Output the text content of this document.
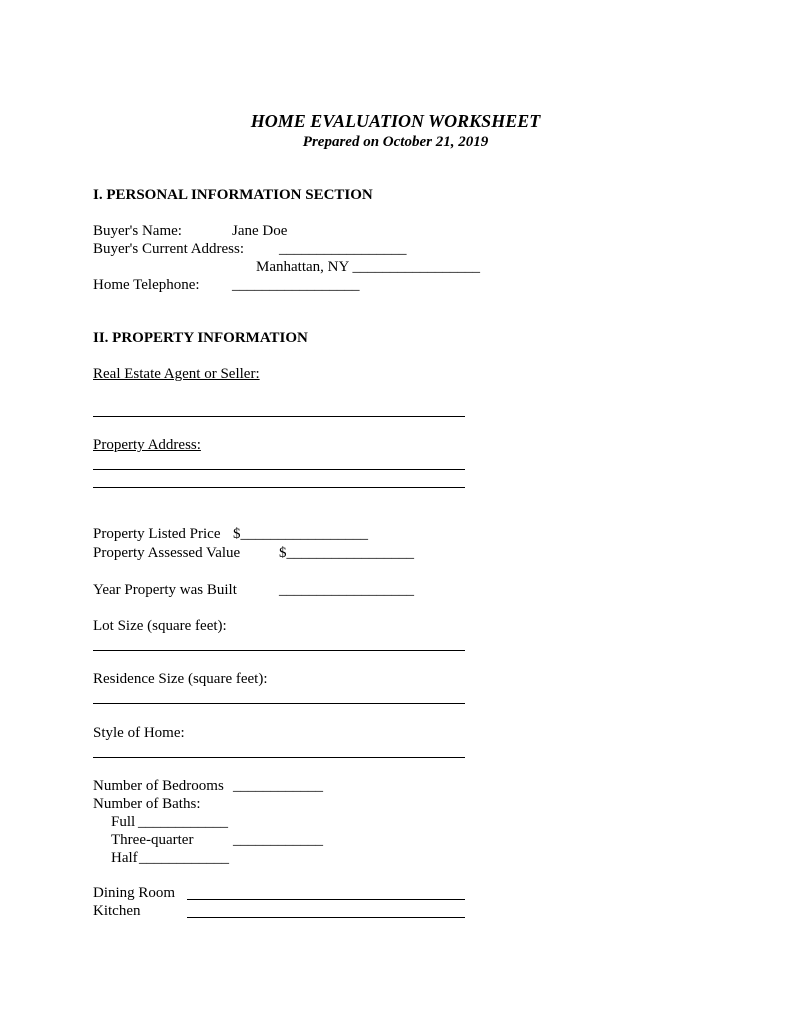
HOME EVALUATION WORKSHEET
Prepared on October 21, 2019
I. PERSONAL INFORMATION SECTION
Buyer's Name:	Jane Doe
Buyer's Current Address: _________________
Manhattan, NY _________________
Home Telephone: _________________
II. PROPERTY INFORMATION
Real Estate Agent or Seller:
Property Address:
Property Listed Price $_________________
Property Assessed Value	$_________________
Year Property was Built	__________________
Lot Size (square feet):
Residence Size (square feet):
Style of Home:
Number of Bedrooms ____________
Number of Baths:
Full ____________
Three-quarter	____________
Half ____________
Dining Room
Kitchen
